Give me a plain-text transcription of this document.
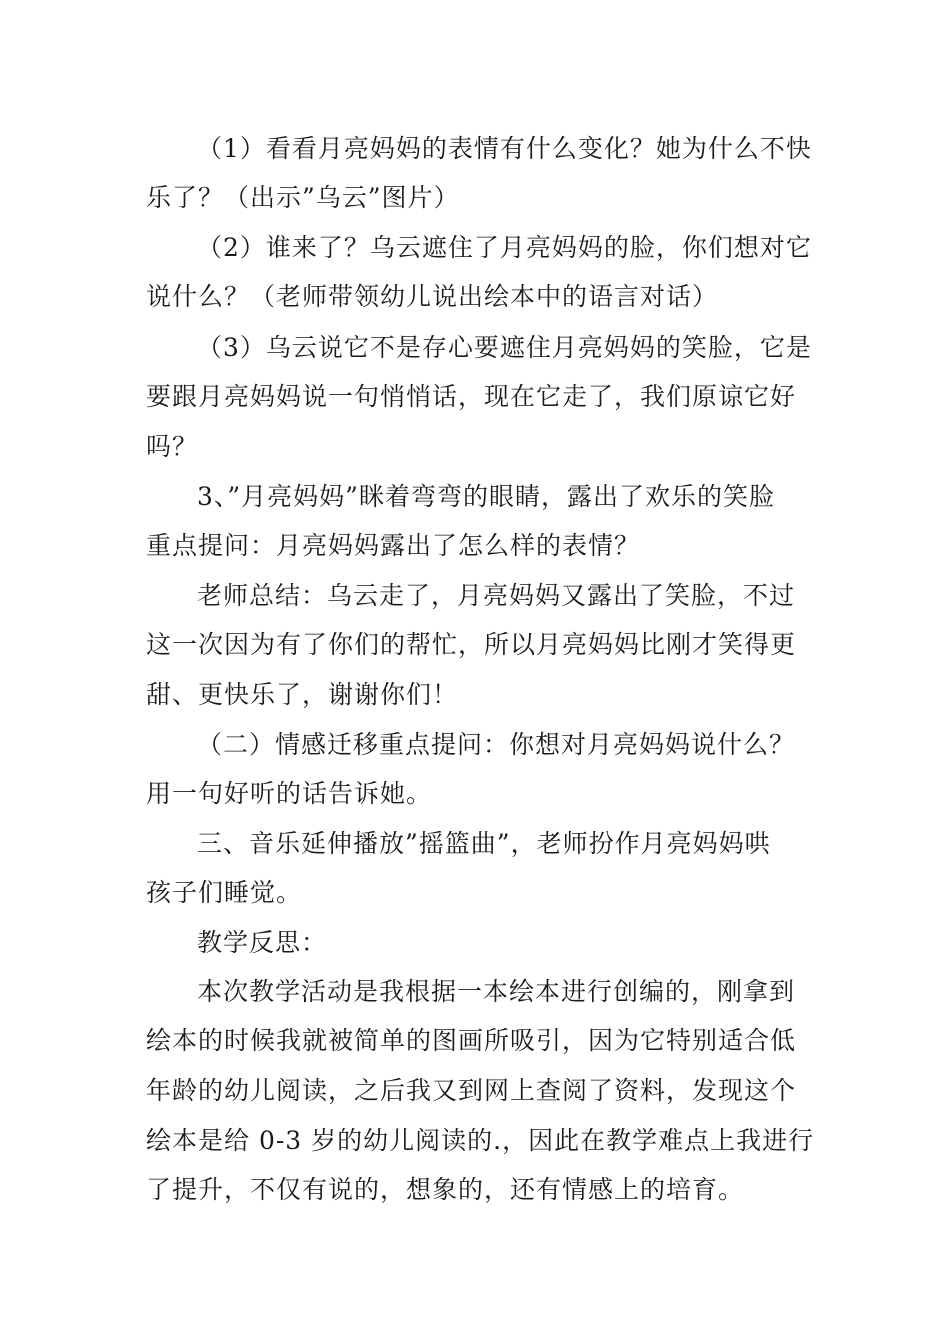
（1）看看月亮妈妈的表情有什么变化？她为什么不快
乐了？（出示”乌云”图片）
（2）谁来了？乌云遮住了月亮妈妈的脸，你们想对它
说什么？（老师带领幼儿说出绘本中的语言对话）
（3）乌云说它不是存心要遮住月亮妈妈的笑脸，它是
要跟月亮妈妈说一句悄悄话，现在它走了，我们原谅它好
吗？
3、”月亮妈妈”眯着弯弯的眼睛，露出了欢乐的笑脸
重点提问：月亮妈妈露出了怎么样的表情？
老师总结：乌云走了，月亮妈妈又露出了笑脸，不过
这一次因为有了你们的帮忙，所以月亮妈妈比刚才笑得更
甜、更快乐了，谢谢你们！
（二）情感迁移重点提问：你想对月亮妈妈说什么？
用一句好听的话告诉她。
三、音乐延伸播放”摇篮曲”，老师扮作月亮妈妈哄
孩子们睡觉。
教学反思：
本次教学活动是我根据一本绘本进行创编的，刚拿到
绘本的时候我就被简单的图画所吸引，因为它特别适合低
年龄的幼儿阅读，之后我又到网上查阅了资料，发现这个
绘本是给 0-3 岁的幼儿阅读的.，因此在教学难点上我进行
了提升，不仅有说的，想象的，还有情感上的培育。
